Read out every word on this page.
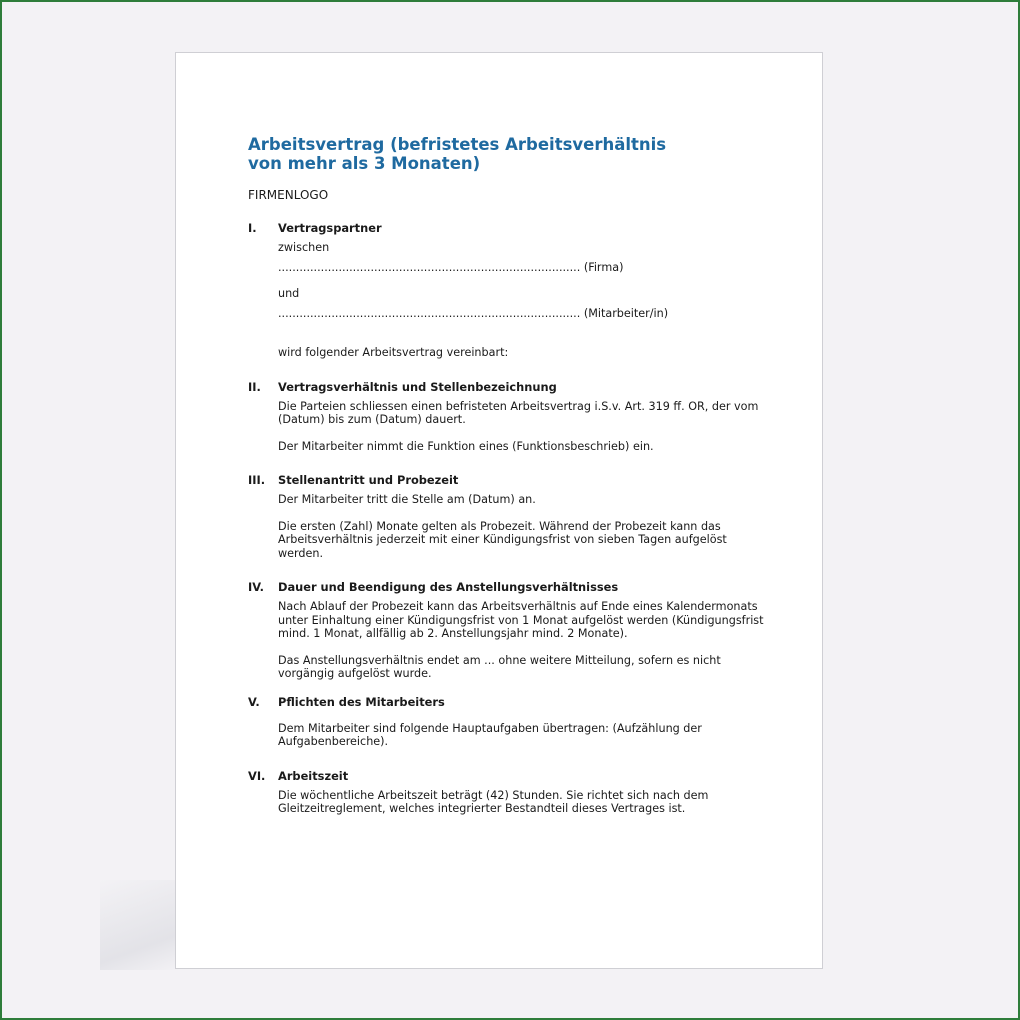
Arbeitsvertrag (befristetes Arbeitsverhältnis
von mehr als 3 Monaten)
FIRMENLOGO
I.	Vertragspartner
zwischen
..................................................................................... (Firma)
und
..................................................................................... (Mitarbeiter/in)
wird folgender Arbeitsvertrag vereinbart:
II.	Vertragsverhältnis und Stellenbezeichnung
Die Parteien schliessen einen befristeten Arbeitsvertrag i.S.v. Art. 319 ff. OR, der vom (Datum) bis zum (Datum) dauert.
Der Mitarbeiter nimmt die Funktion eines (Funktionsbeschrieb) ein.
III.	Stellenantritt und Probezeit
Der Mitarbeiter tritt die Stelle am (Datum) an.
Die ersten (Zahl) Monate gelten als Probezeit. Während der Probezeit kann das Arbeitsverhältnis jederzeit mit einer Kündigungsfrist von sieben Tagen aufgelöst werden.
IV.	Dauer und Beendigung des Anstellungsverhältnisses
Nach Ablauf der Probezeit kann das Arbeitsverhältnis auf Ende eines Kalendermonats unter Einhaltung einer Kündigungsfrist von 1 Monat aufgelöst werden (Kündigungsfrist mind. 1 Monat, allfällig ab 2. Anstellungsjahr mind. 2 Monate).
Das Anstellungsverhältnis endet am ... ohne weitere Mitteilung, sofern es nicht vorgängig aufgelöst wurde.
V.	Pflichten des Mitarbeiters
Dem Mitarbeiter sind folgende Hauptaufgaben übertragen: (Aufzählung der Aufgabenbereiche).
VI.	Arbeitszeit
Die wöchentliche Arbeitszeit beträgt (42) Stunden. Sie richtet sich nach dem Gleitzeitreglement, welches integrierter Bestandteil dieses Vertrages ist.
